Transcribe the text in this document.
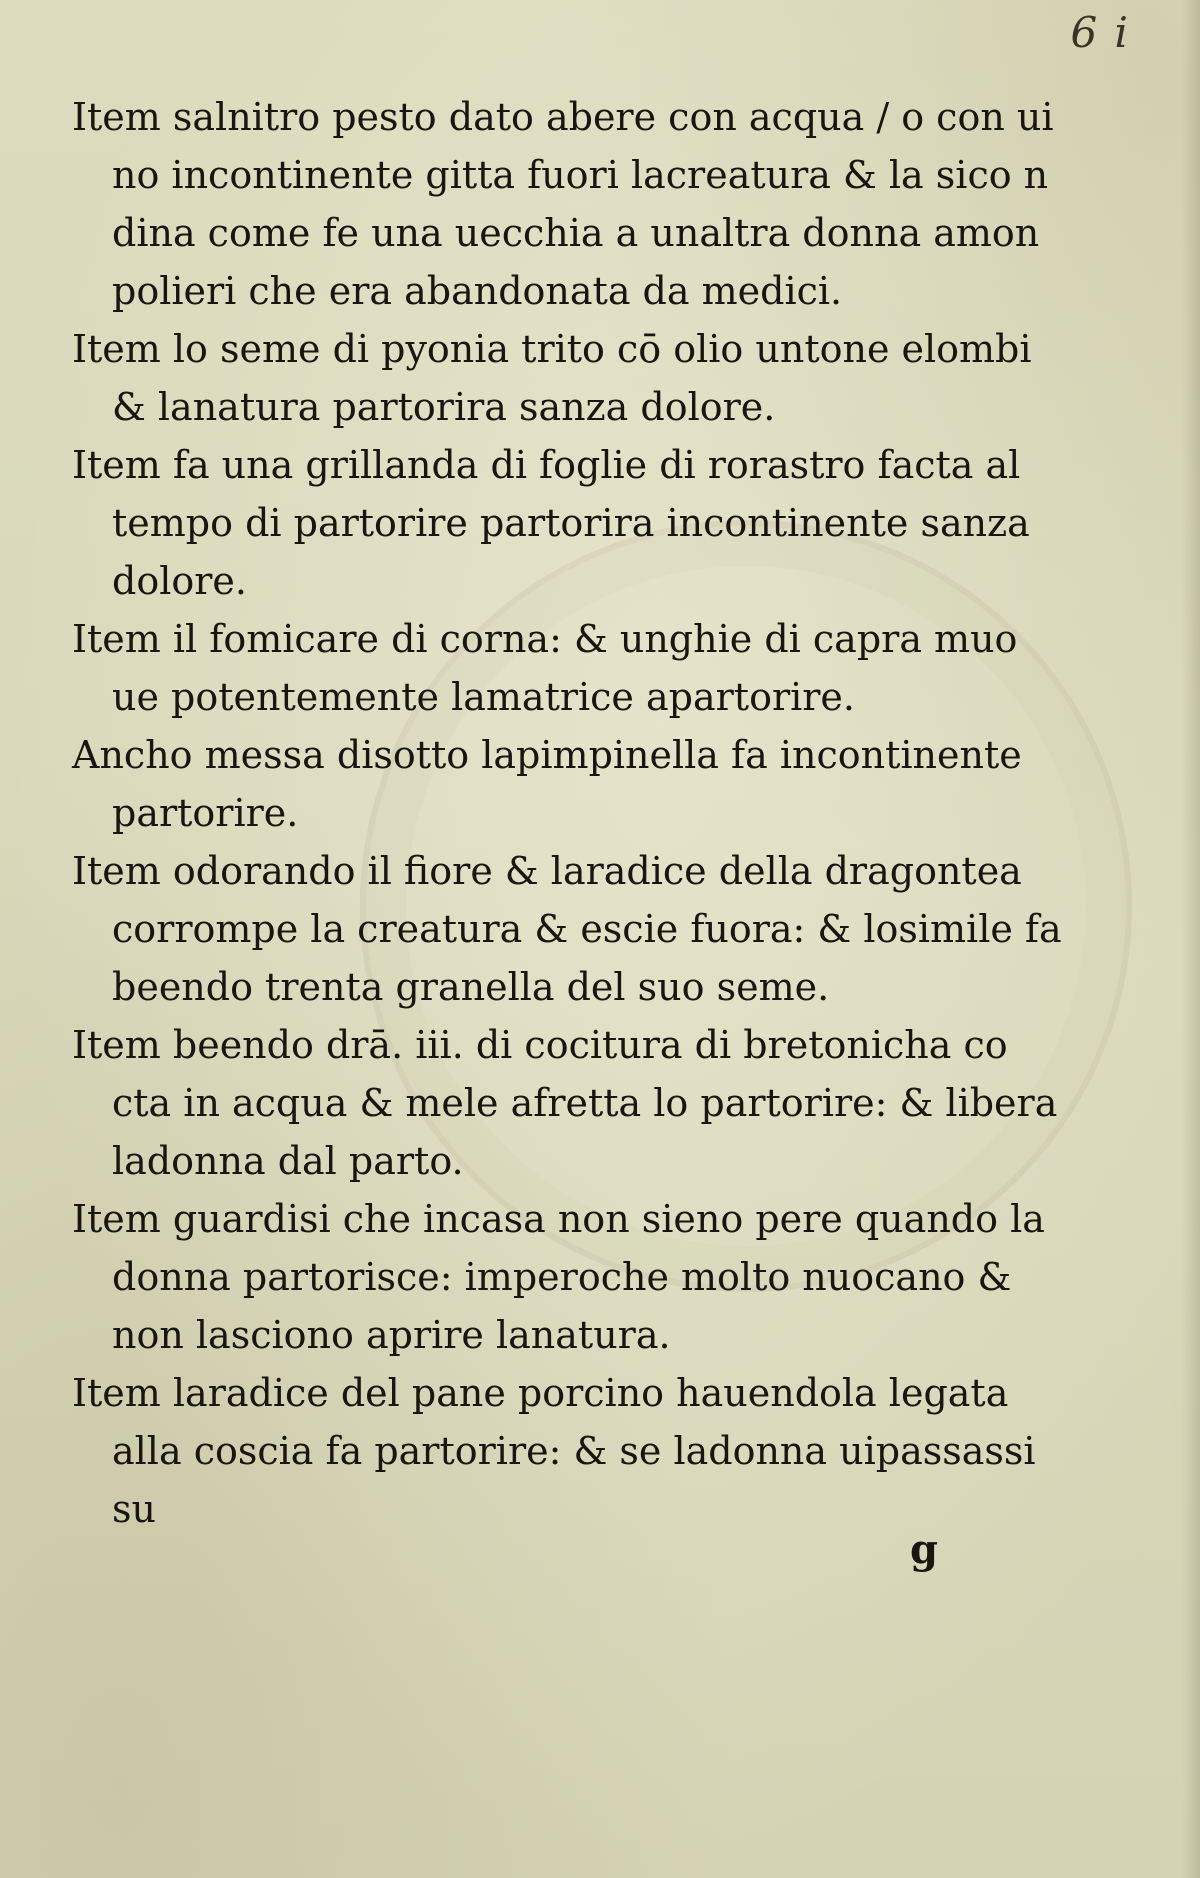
6 i

Item salnitro pesto dato abere con acqua / o con ui
no incontinente gitta fuori lacreatura & la sico n
dina come fe una uecchia a unaltra donna amon
polieri che era abandonata da medici.

Item lo seme di pyonia trito cō olio untone elombi
& lanatura partorira sanza dolore.

Item fa una grillanda di foglie di rorastro facta al
tempo di partorire partorira incontinente sanza
dolore.

Item il fomicare di corna: & unghie di capra muo
ue potentemente lamatrice apartorire.

Ancho messa disotto lapimpinella fa incontinente
partorire.

Item odorando il fiore & laradice della dragontea
corrompe la creatura & escie fuora: & losimile fa
beendo trenta granella del suo seme.

Item beendo drā. iii. di cocitura di bretonicha co
cta in acqua & mele afretta lo partorire: & libera
ladonna dal parto.

Item guardisi che incasa non sieno pere quando la
donna partorisce: imperoche molto nuocano &
non lasciono aprire lanatura.

Item laradice del pane porcino hauendola legata
alla coscia fa partorire: & se ladonna uipassassi su

g
